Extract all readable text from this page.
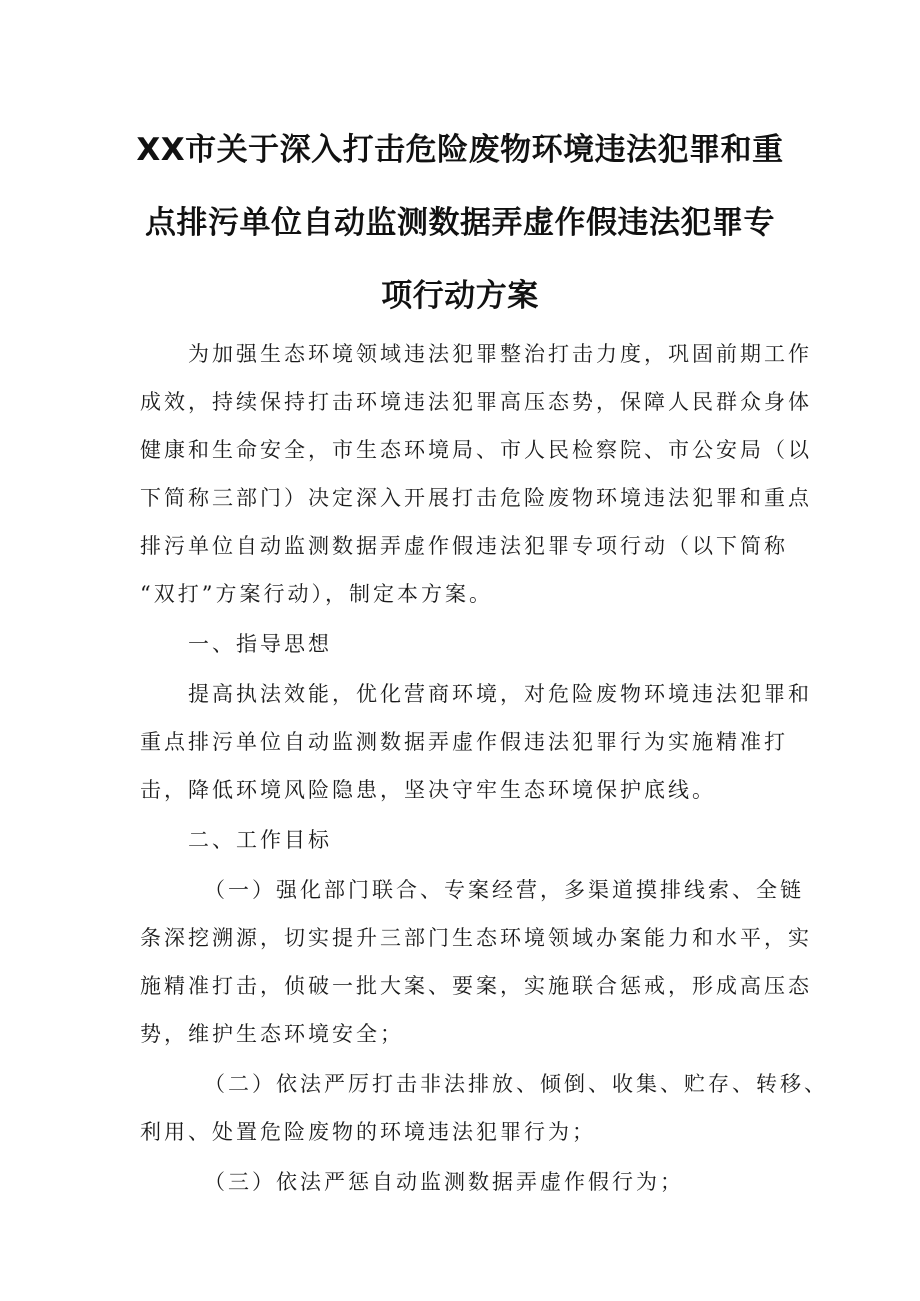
XX市关于深入打击危险废物环境违法犯罪和重
点排污单位自动监测数据弄虚作假违法犯罪专
项行动方案
为加强生态环境领域违法犯罪整治打击力度，巩固前期工作
成效，持续保持打击环境违法犯罪高压态势，保障人民群众身体
健康和生命安全，市生态环境局、市人民检察院、市公安局（以
下简称三部门）决定深入开展打击危险废物环境违法犯罪和重点
排污单位自动监测数据弄虚作假违法犯罪专项行动（以下简称
“双打”方案行动），制定本方案。
一、指导思想
提高执法效能，优化营商环境，对危险废物环境违法犯罪和
重点排污单位自动监测数据弄虚作假违法犯罪行为实施精准打
击，降低环境风险隐患，坚决守牢生态环境保护底线。
二、工作目标
（一）强化部门联合、专案经营，多渠道摸排线索、全链
条深挖溯源，切实提升三部门生态环境领域办案能力和水平，实
施精准打击，侦破一批大案、要案，实施联合惩戒，形成高压态
势，维护生态环境安全；
（二）依法严厉打击非法排放、倾倒、收集、贮存、转移、
利用、处置危险废物的环境违法犯罪行为；
（三）依法严惩自动监测数据弄虚作假行为；
